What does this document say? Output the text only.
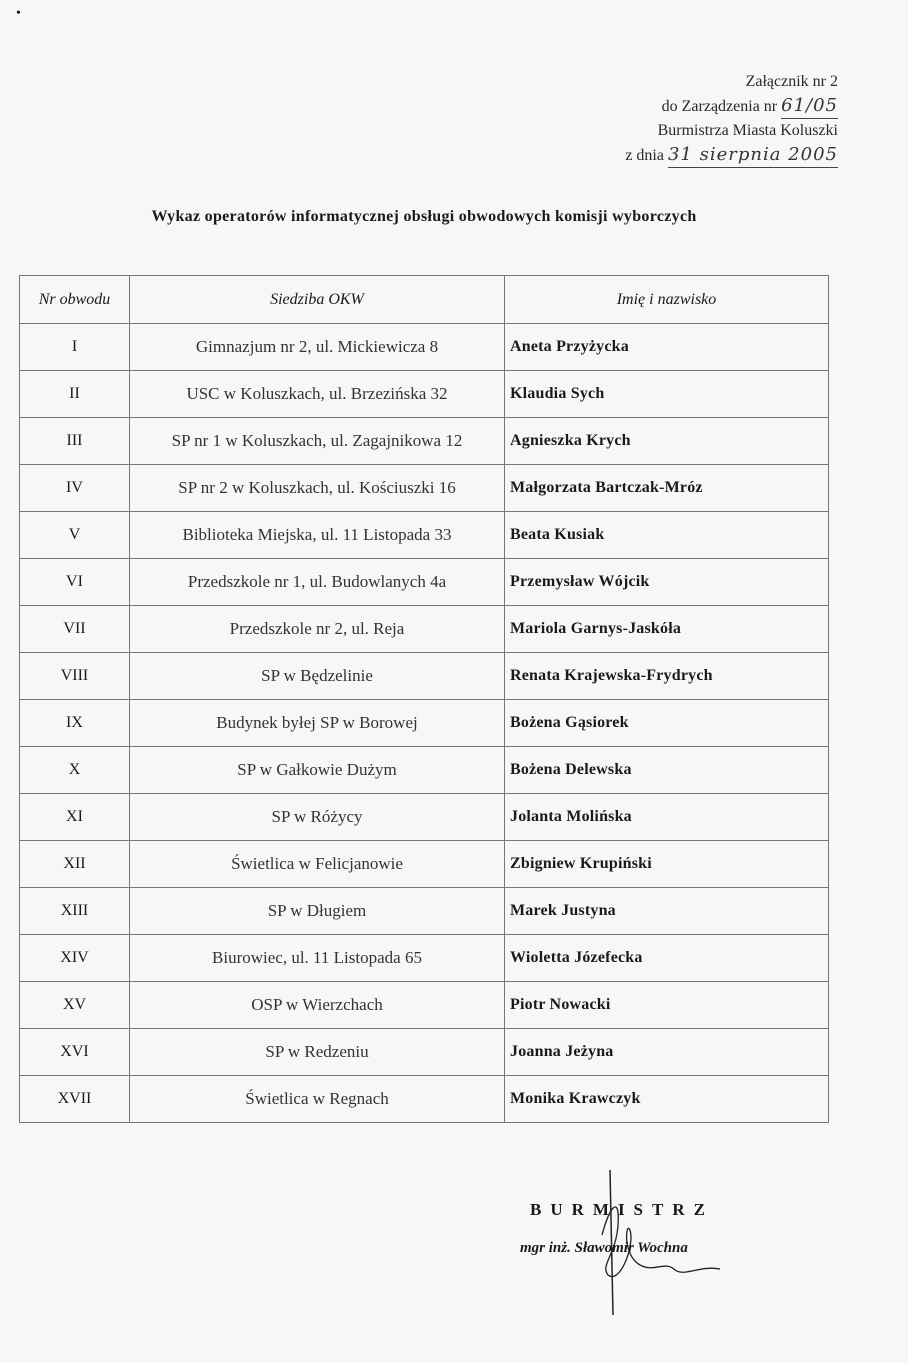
•
Załącznik nr 2
do Zarządzenia nr 61/05
Burmistrza Miasta Koluszki
z dnia 31 sierpnia 2005
Wykaz operatorów informatycznej obsługi obwodowych komisji wyborczych
Nr obwodu	Siedziba OKW	Imię i nazwisko
I	Gimnazjum nr 2, ul. Mickiewicza 8	Aneta Przyżycka
II	USC w Koluszkach, ul. Brzezińska 32	Klaudia Sych
III	SP nr 1 w Koluszkach, ul. Zagajnikowa 12	Agnieszka Krych
IV	SP nr 2 w Koluszkach, ul. Kościuszki 16	Małgorzata Bartczak-Mróz
V	Biblioteka Miejska, ul. 11 Listopada 33	Beata Kusiak
VI	Przedszkole nr 1, ul. Budowlanych 4a	Przemysław Wójcik
VII	Przedszkole nr 2, ul. Reja	Mariola Garnys-Jaskóła
VIII	SP w Będzelinie	Renata Krajewska-Frydrych
IX	Budynek byłej SP w Borowej	Bożena Gąsiorek
X	SP w Gałkowie Dużym	Bożena Delewska
XI	SP w Różycy	Jolanta Molińska
XII	Świetlica w Felicjanowie	Zbigniew Krupiński
XIII	SP w Długiem	Marek Justyna
XIV	Biurowiec, ul. 11 Listopada 65	Wioletta Józefecka
XV	OSP w Wierzchach	Piotr Nowacki
XVI	SP w Redzeniu	Joanna Jeżyna
XVII	Świetlica w Regnach	Monika Krawczyk
BURMISTRZ
mgr inż. Sławomir Wochna
